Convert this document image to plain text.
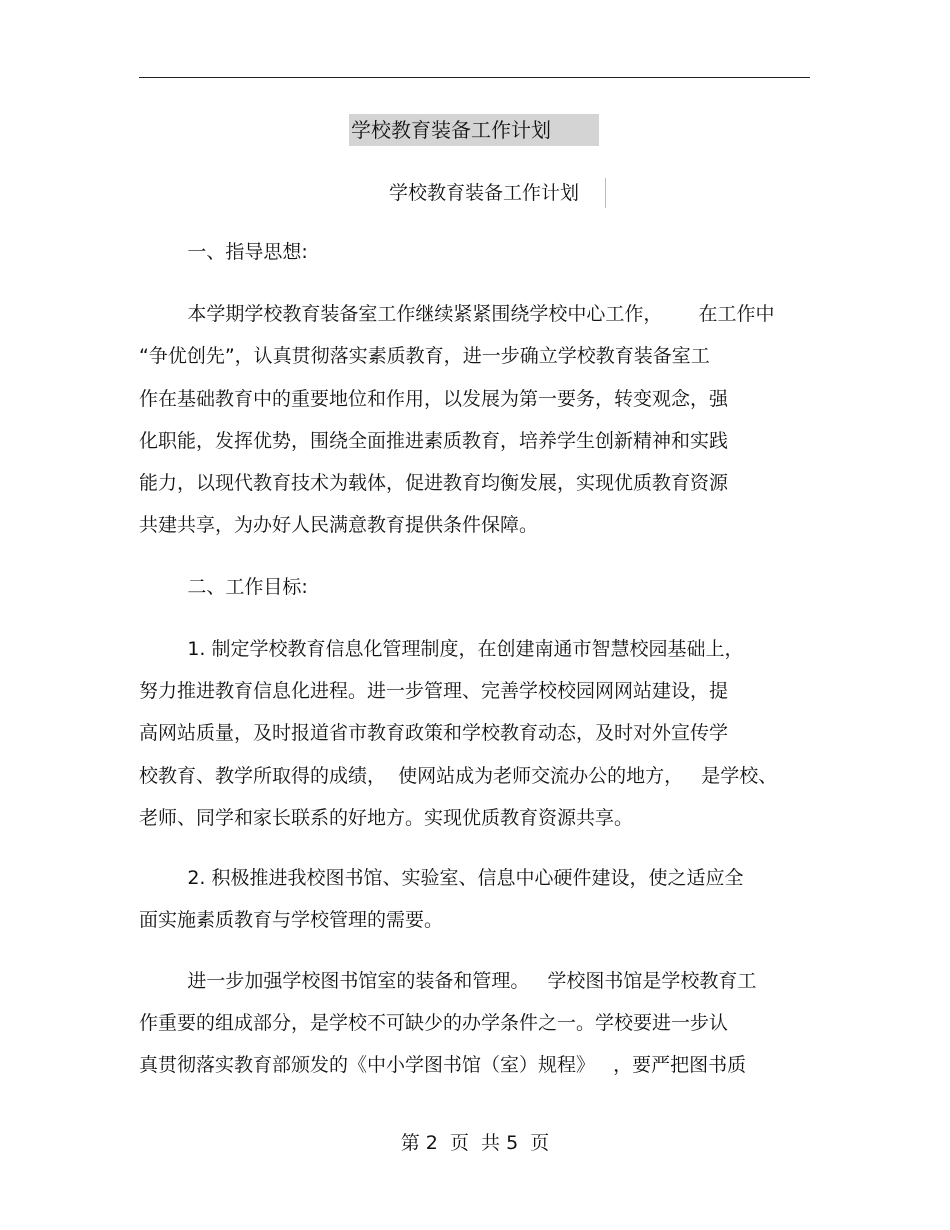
学校教育装备工作计划
学校教育装备工作计划
一、指导思想:
本学期学校教育装备室工作继续紧紧围绕学校中心工作，      在工作中
“争优创先”，认真贯彻落实素质教育，进一步确立学校教育装备室工
作在基础教育中的重要地位和作用，以发展为第一要务，转变观念，强
化职能，发挥优势，围绕全面推进素质教育，培养学生创新精神和实践
能力，以现代教育技术为载体，促进教育均衡发展，实现优质教育资源
共建共享，为办好人民满意教育提供条件保障。
二、工作目标:
1. 制定学校教育信息化管理制度，在创建南通市智慧校园基础上，
努力推进教育信息化进程。进一步管理、完善学校校园网网站建设，提
高网站质量，及时报道省市教育政策和学校教育动态，及时对外宣传学
校教育、教学所取得的成绩，  使网站成为老师交流办公的地方，   是学校、
老师、同学和家长联系的好地方。实现优质教育资源共享。
2. 积极推进我校图书馆、实验室、信息中心硬件建设，使之适应全
面实施素质教育与学校管理的需要。
进一步加强学校图书馆室的装备和管理。   学校图书馆是学校教育工
作重要的组成部分，是学校不可缺少的办学条件之一。学校要进一步认
真贯彻落实教育部颁发的《中小学图书馆（室）规程》   ，要严把图书质
第 2  页  共 5  页
